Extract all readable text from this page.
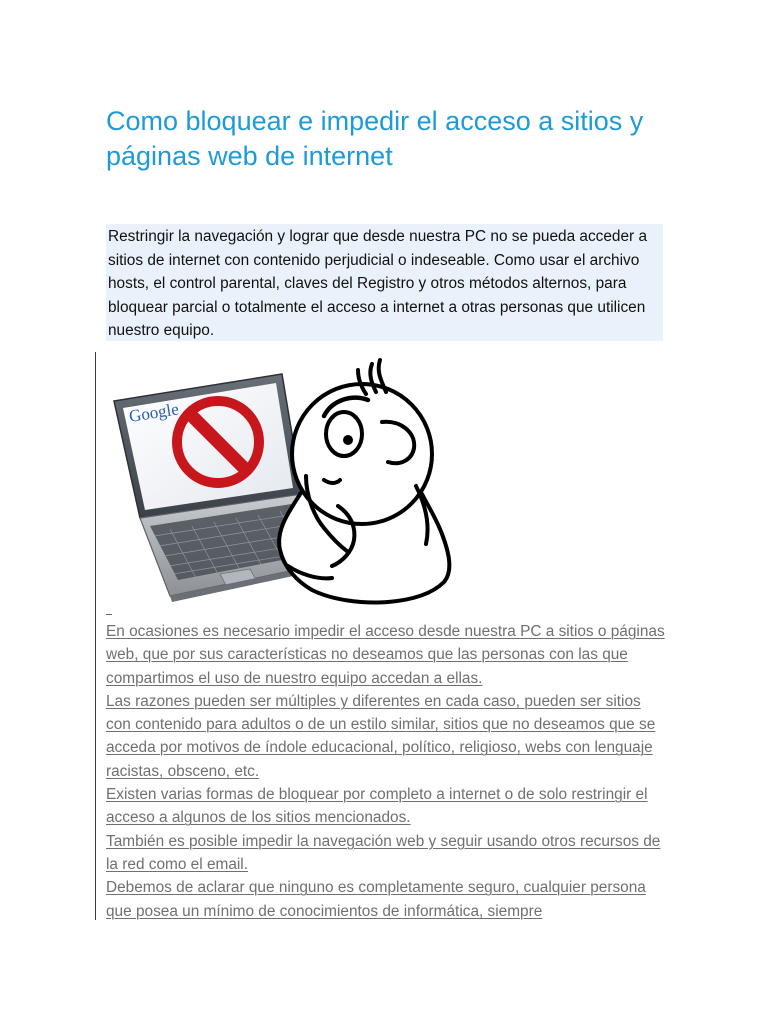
Como bloquear e impedir el acceso a sitios y páginas web de internet

Restringir la navegación y lograr que desde nuestra PC no se pueda acceder a sitios de internet con contenido perjudicial o indeseable. Como usar el archivo hosts, el control parental, claves del Registro y otros métodos alternos, para bloquear parcial o totalmente el acceso a internet a otras personas que utilicen nuestro equipo.

Google
En ocasiones es necesario impedir el acceso desde nuestra PC a sitios o páginas web, que por sus características no deseamos que las personas con las que compartimos el uso de nuestro equipo accedan a ellas.
Las razones pueden ser múltiples y diferentes en cada caso, pueden ser sitios con contenido para adultos o de un estilo similar, sitios que no deseamos que se acceda por motivos de índole educacional, político, religioso, webs con lenguaje racistas, obsceno, etc.
Existen varias formas de bloquear por completo a internet o de solo restringir el acceso a algunos de los sitios mencionados.
También es posible impedir la navegación web y seguir usando otros recursos de la red como el email.
Debemos de aclarar que ninguno es completamente seguro, cualquier persona que posea un mínimo de conocimientos de informática, siempre
